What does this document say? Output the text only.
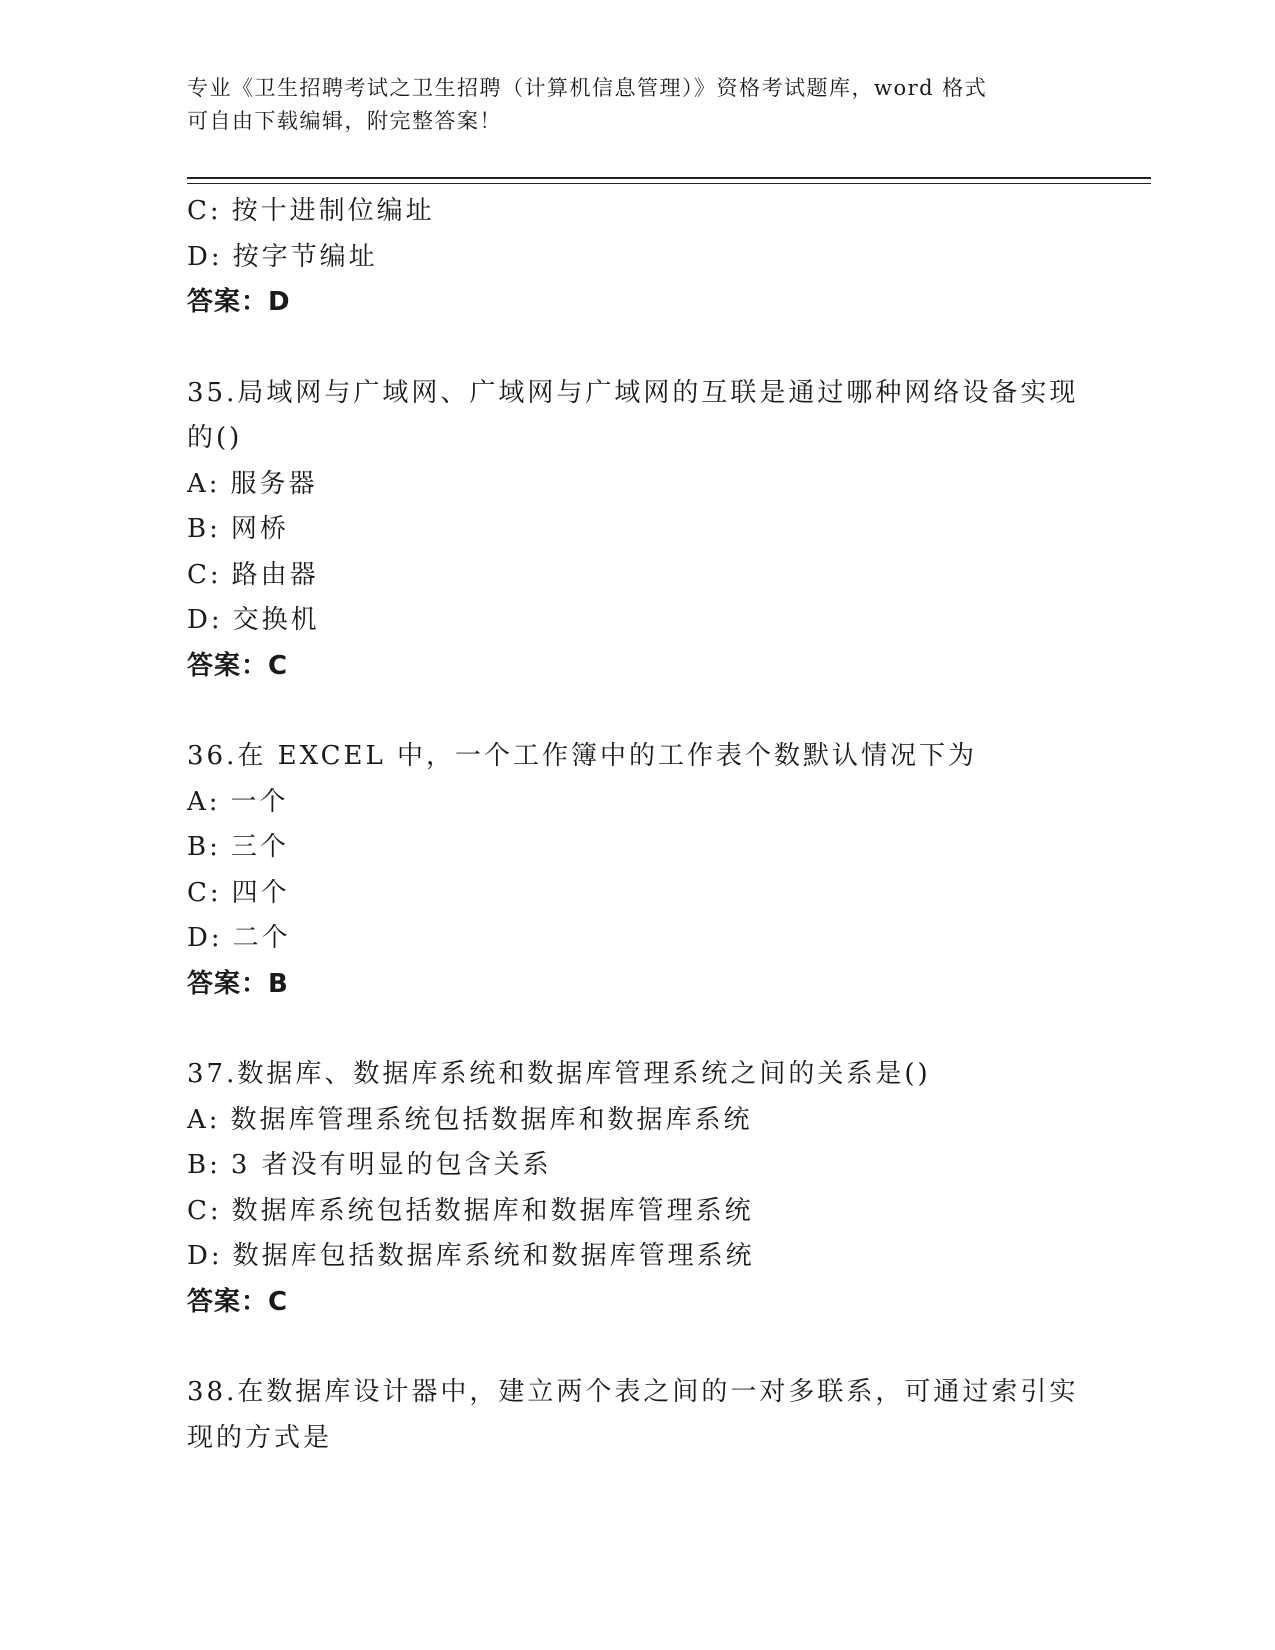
专业《卫生招聘考试之卫生招聘（计算机信息管理）》资格考试题库，word 格式
可自由下载编辑，附完整答案！
C: 按十进制位编址
D: 按字节编址
答案：D
35.局域网与广域网、广域网与广域网的互联是通过哪种网络设备实现
的()
A: 服务器
B: 网桥
C: 路由器
D: 交换机
答案：C
36.在 EXCEL 中，一个工作簿中的工作表个数默认情况下为
A: 一个
B: 三个
C: 四个
D: 二个
答案：B
37.数据库、数据库系统和数据库管理系统之间的关系是()
A: 数据库管理系统包括数据库和数据库系统
B: 3 者没有明显的包含关系
C: 数据库系统包括数据库和数据库管理系统
D: 数据库包括数据库系统和数据库管理系统
答案：C
38.在数据库设计器中，建立两个表之间的一对多联系，可通过索引实
现的方式是
